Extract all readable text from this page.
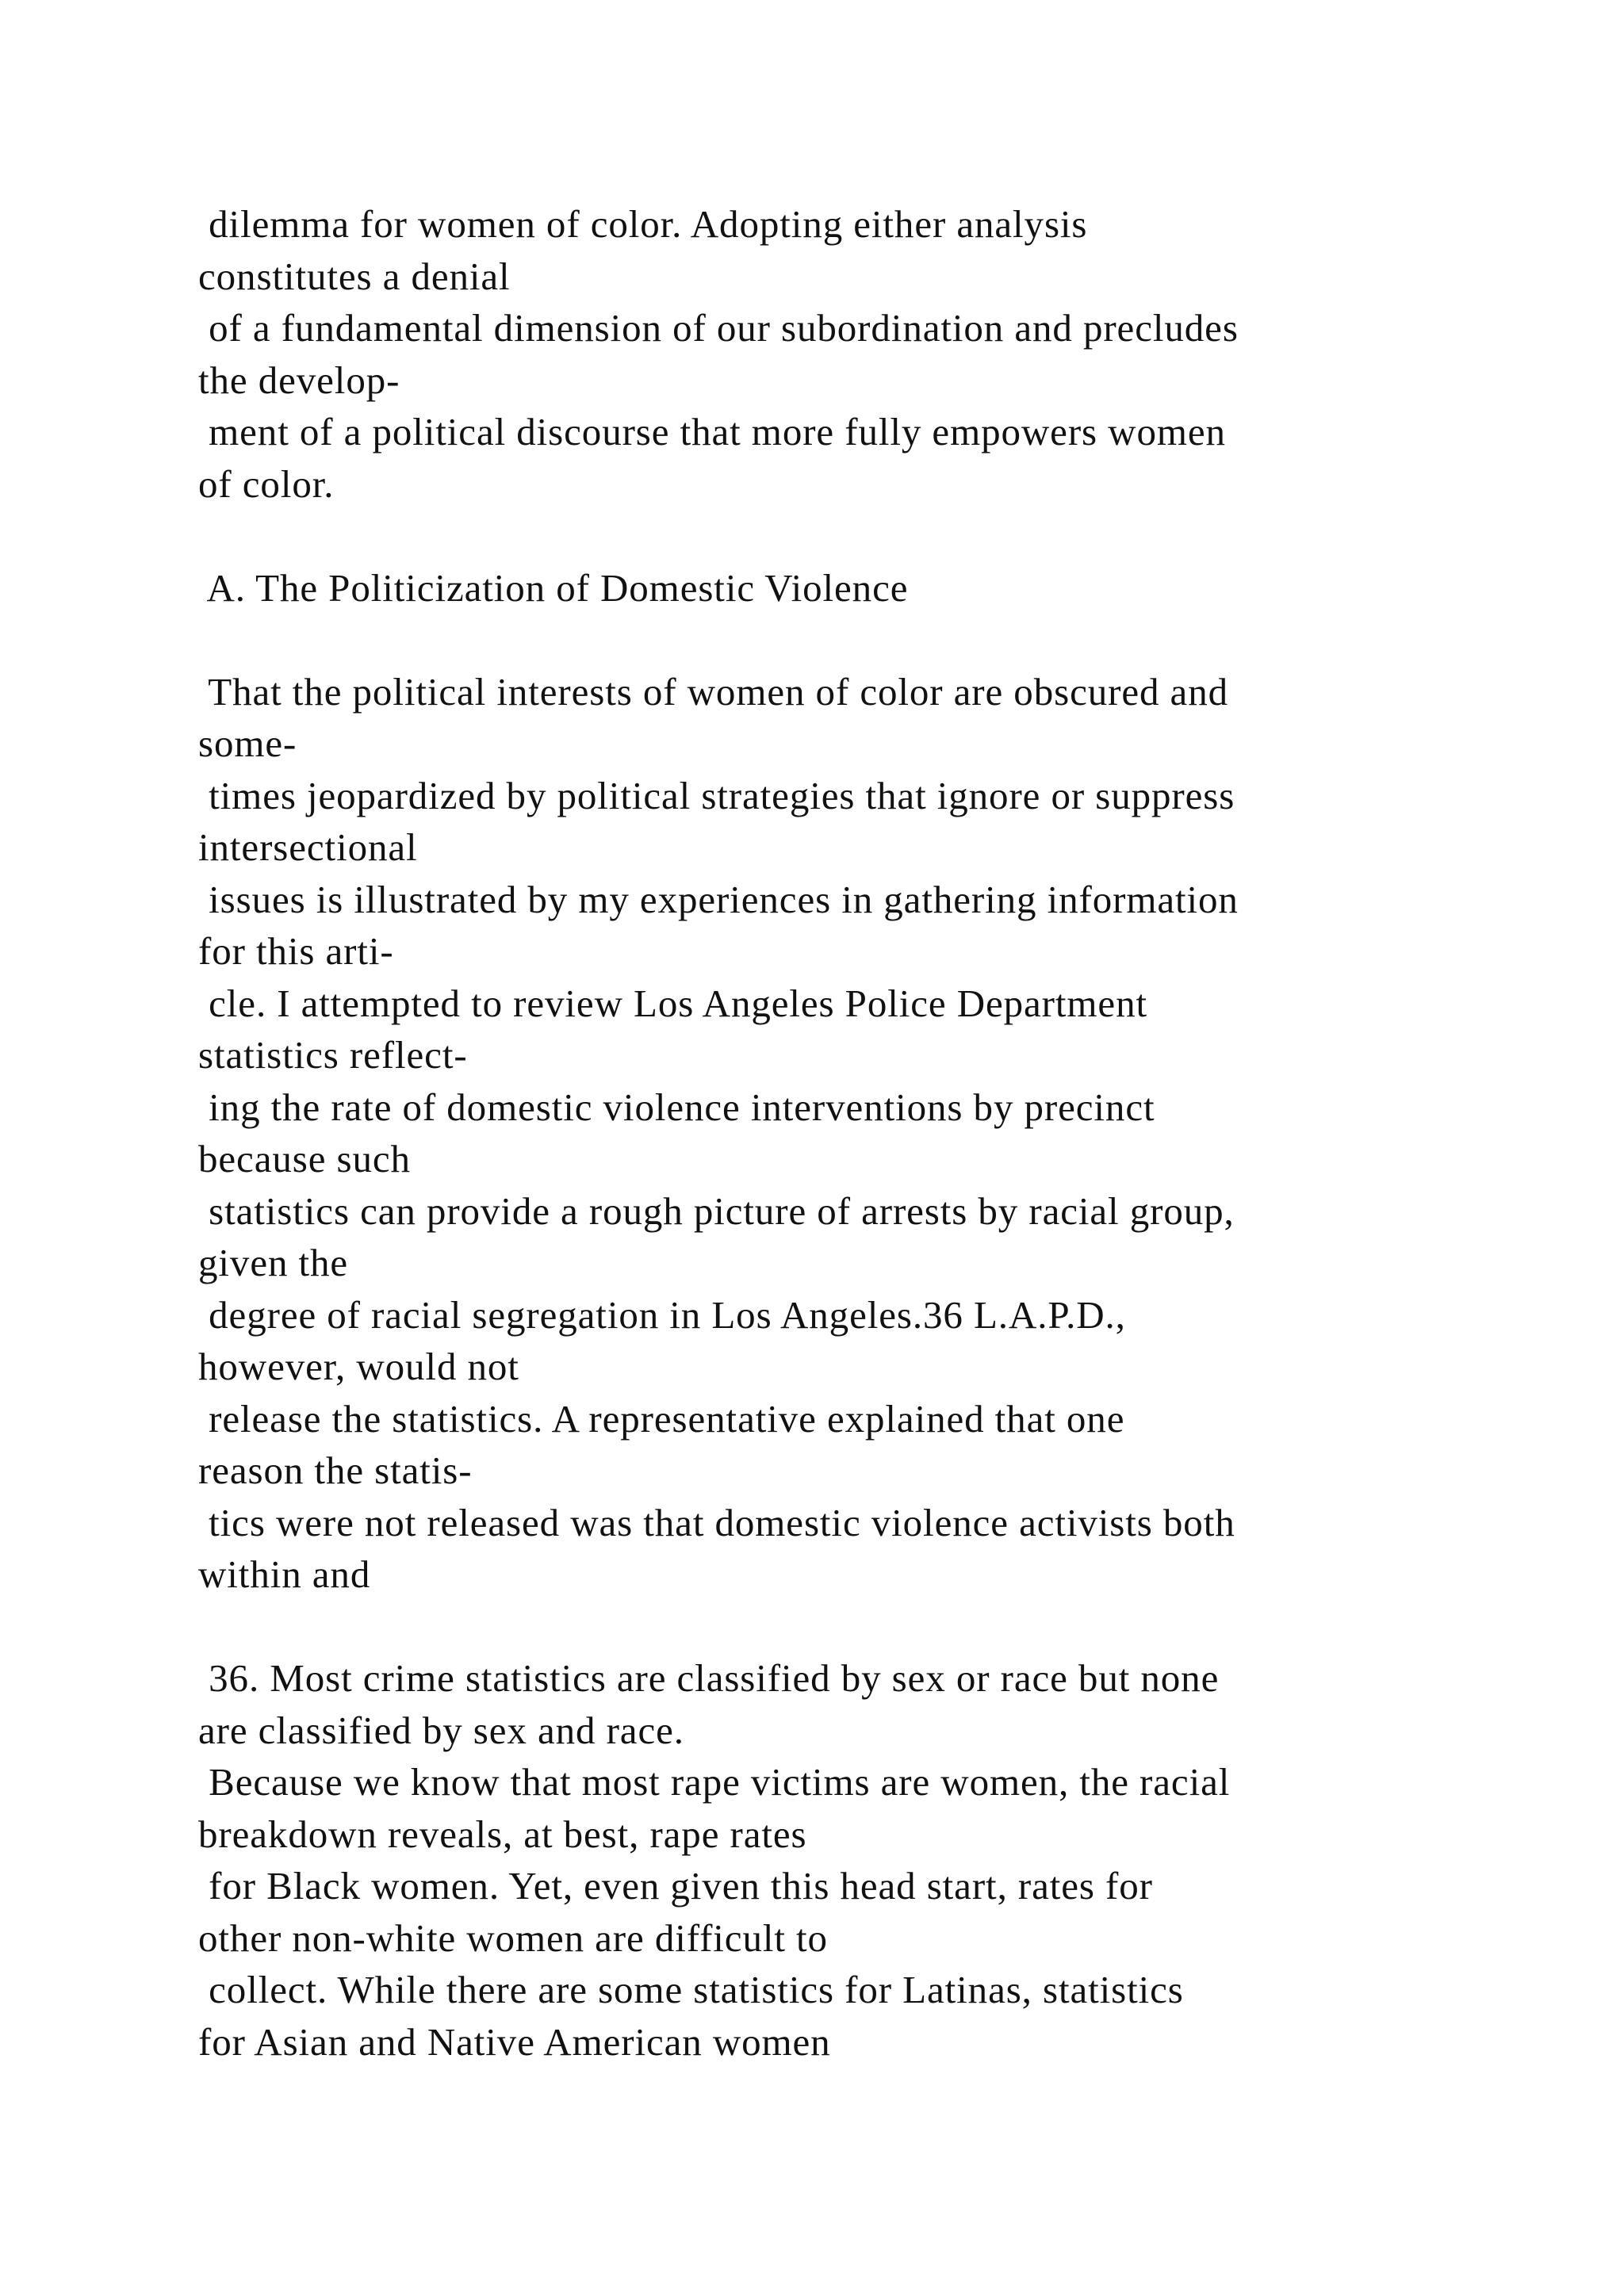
dilemma for women of color. Adopting either analysis
constitutes a denial
of a fundamental dimension of our subordination and precludes
the develop-
ment of a political discourse that more fully empowers women
of color.
A. The Politicization of Domestic Violence
That the political interests of women of color are obscured and
some-
times jeopardized by political strategies that ignore or suppress
intersectional
issues is illustrated by my experiences in gathering information
for this arti-
cle. I attempted to review Los Angeles Police Department
statistics reflect-
ing the rate of domestic violence interventions by precinct
because such
statistics can provide a rough picture of arrests by racial group,
given the
degree of racial segregation in Los Angeles.36 L.A.P.D.,
however, would not
release the statistics. A representative explained that one
reason the statis-
tics were not released was that domestic violence activists both
within and
36. Most crime statistics are classified by sex or race but none
are classified by sex and race.
Because we know that most rape victims are women, the racial
breakdown reveals, at best, rape rates
for Black women. Yet, even given this head start, rates for
other non-white women are difficult to
collect. While there are some statistics for Latinas, statistics
for Asian and Native American women
